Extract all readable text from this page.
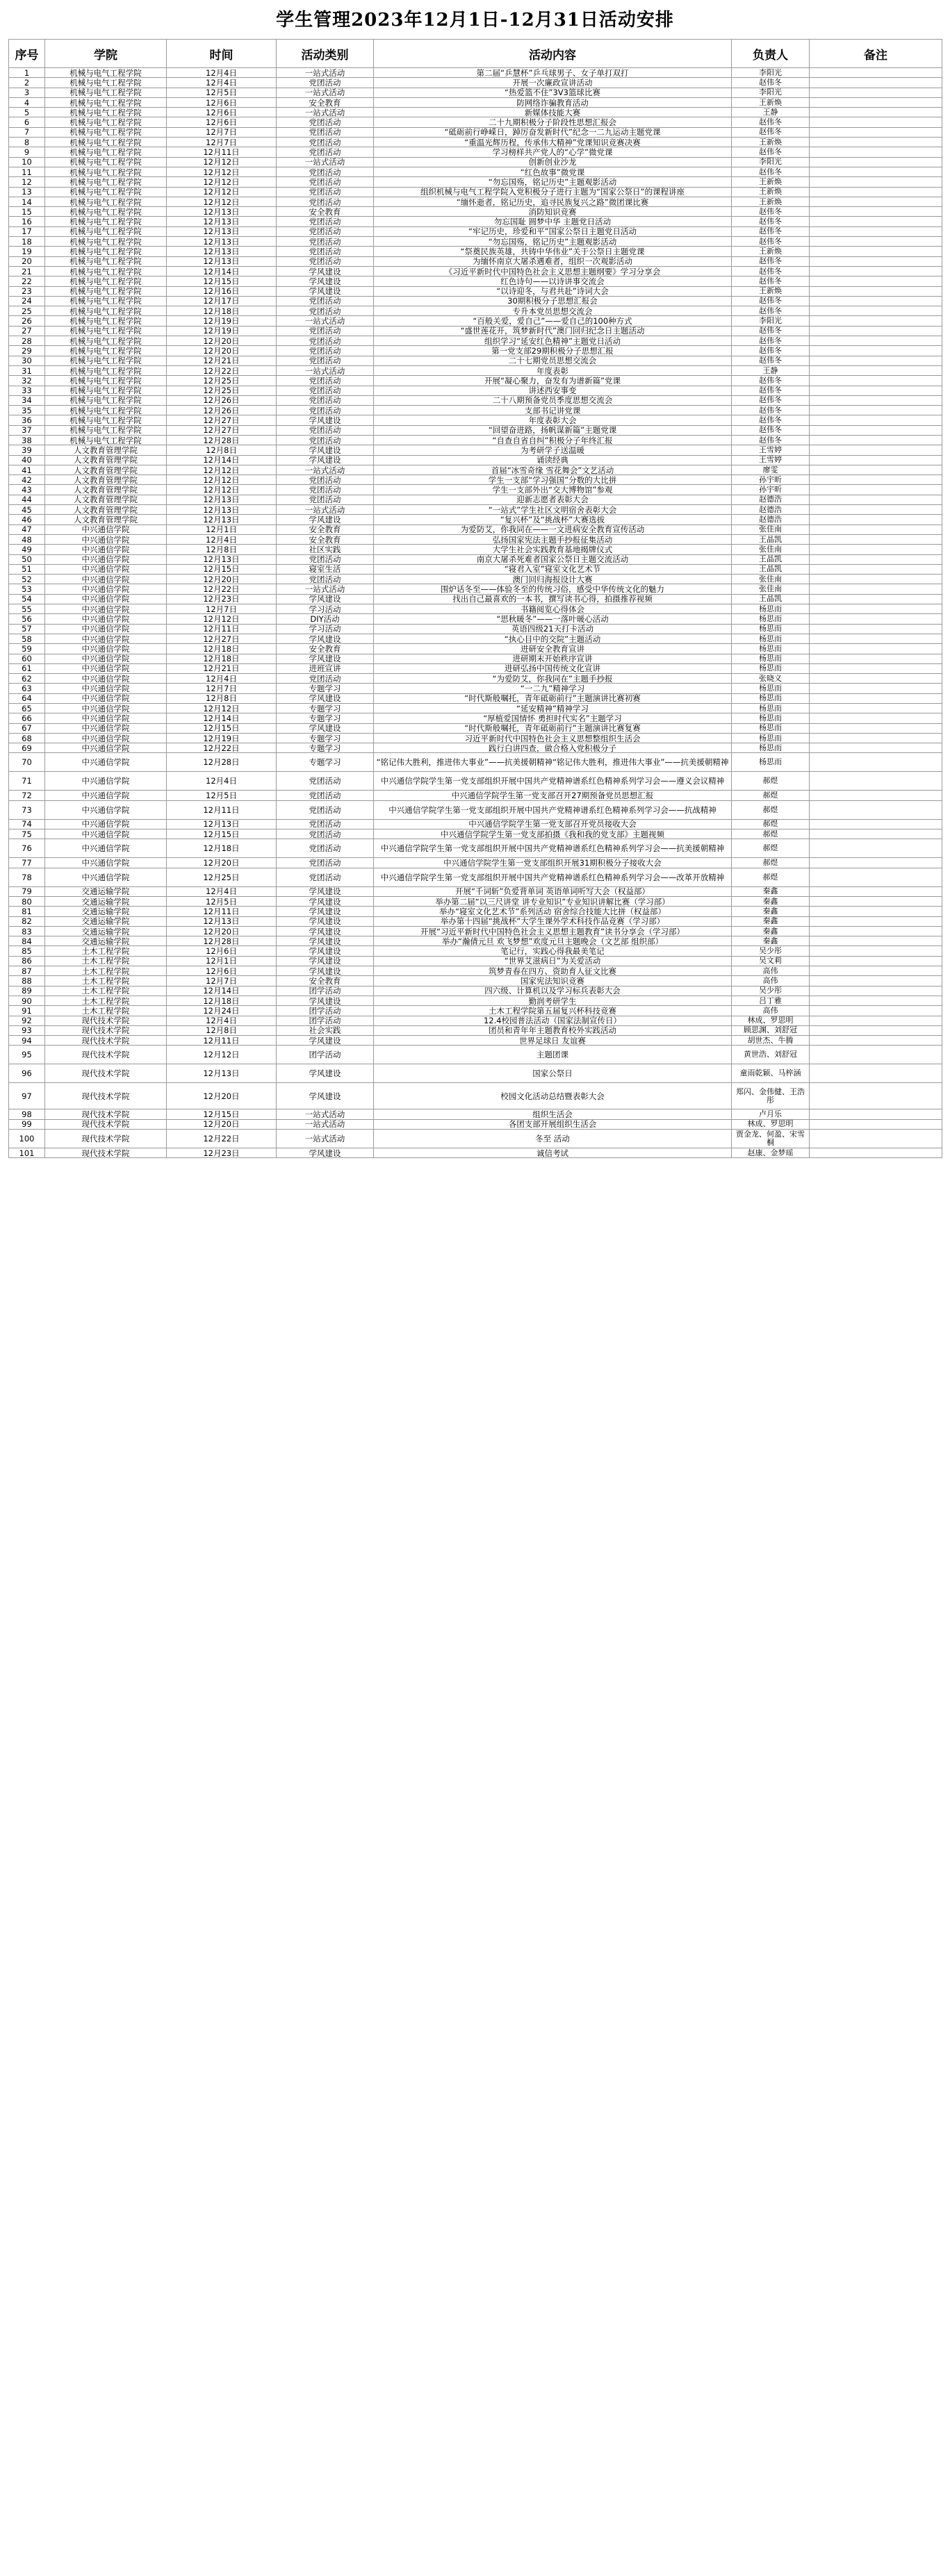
学生管理2023年12月1日-12月31日活动安排
序号	学院	时间	活动类别	活动内容	负责人	备注
1	机械与电气工程学院	12月4日	一站式活动	第二届“乒慧杯”乒乓球男子、女子单打双打	李阳光	
2	机械与电气工程学院	12月4日	党团活动	开展一次廉政宣讲活动	赵伟冬	
3	机械与电气工程学院	12月5日	一站式活动	“热爱篮不住”3V3篮球比赛	李阳光	
4	机械与电气工程学院	12月6日	安全教育	防网络诈骗教育活动	王新焕	
5	机械与电气工程学院	12月6日	一站式活动	新媒体技能大赛	王静	
6	机械与电气工程学院	12月6日	党团活动	二十九期积极分子阶段性思想汇报会	赵伟冬	
7	机械与电气工程学院	12月7日	党团活动	“砥砺前行峥嵘日，踔厉奋发新时代”纪念一二九运动主题党课	赵伟冬	
8	机械与电气工程学院	12月7日	党团活动	“重温光辉历程，传承伟大精神”党课知识竞赛决赛	王新焕	
9	机械与电气工程学院	12月11日	党团活动	学习榜样共产党人的“心学”微党课	赵伟冬	
10	机械与电气工程学院	12月12日	一站式活动	创新创业沙龙	李阳光	
11	机械与电气工程学院	12月12日	党团活动	“红色故事”微党课	赵伟冬	
12	机械与电气工程学院	12月12日	党团活动	“勿忘国殇，铭记历史”主题观影活动	王新焕	
13	机械与电气工程学院	12月12日	党团活动	组织机械与电气工程学院入党积极分子进行主题为“国家公祭日”的课程讲座	王新焕	
14	机械与电气工程学院	12月12日	党团活动	“缅怀逝者，铭记历史，追寻民族复兴之路”微团课比赛	王新焕	
15	机械与电气工程学院	12月13日	安全教育	消防知识竞赛	赵伟冬	
16	机械与电气工程学院	12月13日	党团活动	勿忘国耻 圆梦中华 主题党日活动	赵伟冬	
17	机械与电气工程学院	12月13日	党团活动	“牢记历史，珍爱和平”国家公祭日主题党日活动	赵伟冬	
18	机械与电气工程学院	12月13日	党团活动	“勿忘国殇，铭记历史”主题观影活动	赵伟冬	
19	机械与电气工程学院	12月13日	党团活动	“祭奠民族英雄，共铸中华伟业”关于公祭日主题党课	王新焕	
20	机械与电气工程学院	12月13日	党团活动	为缅怀南京大屠杀遇难者，组织一次观影活动	赵伟冬	
21	机械与电气工程学院	12月14日	学风建设	《习近平新时代中国特色社会主义思想主题纲要》学习分享会	赵伟冬	
22	机械与电气工程学院	12月15日	学风建设	红色诗句——以诗讲事交流会	赵伟冬	
23	机械与电气工程学院	12月16日	学风建设	“以诗迎冬，与君共赴”诗词大会	王新焕	
24	机械与电气工程学院	12月17日	党团活动	30期积极分子思想汇报会	赵伟冬	
25	机械与电气工程学院	12月18日	党团活动	专升本党员思想交流会	赵伟冬	
26	机械与电气工程学院	12月19日	一站式活动	“百般关爱，爱自己”——爱自己的100种方式	李阳光	
27	机械与电气工程学院	12月19日	党团活动	“盛世莲花开，筑梦新时代”澳门回归纪念日主题活动	赵伟冬	
28	机械与电气工程学院	12月20日	党团活动	组织学习“延安红色精神”主题党日活动	赵伟冬	
29	机械与电气工程学院	12月20日	党团活动	第一党支部29期积极分子思想汇报	赵伟冬	
30	机械与电气工程学院	12月21日	党团活动	二十七期党员思想交流会	赵伟冬	
31	机械与电气工程学院	12月22日	一站式活动	年度表彰	王静	
32	机械与电气工程学院	12月25日	党团活动	开展“凝心聚力，奋发有为谱新篇”党课	赵伟冬	
33	机械与电气工程学院	12月25日	党团活动	讲述西安事变	赵伟冬	
34	机械与电气工程学院	12月26日	党团活动	二十八期预备党员季度思想交流会	赵伟冬	
35	机械与电气工程学院	12月26日	党团活动	支部书记讲党课	赵伟冬	
36	机械与电气工程学院	12月27日	学风建设	年度表彰大会	赵伟冬	
37	机械与电气工程学院	12月27日	党团活动	“回望奋进路，扬帆谋新篇”主题党课	赵伟冬	
38	机械与电气工程学院	12月28日	党团活动	“自查自省自纠”积极分子年终汇报	赵伟冬	
39	人文教育管理学院	12月8日	学风建设	为考研学子送温暖	王雪婷	
40	人文教育管理学院	12月14日	学风建设	诵读经典	王雪婷	
41	人文教育管理学院	12月12日	一站式活动	首届“冰雪奇缘 雪花舞会”文艺活动	廖雯	
42	人文教育管理学院	12月12日	党团活动	学生一支部“学习强国”分数的大比拼	孙宇昕	
43	人文教育管理学院	12月12日	党团活动	学生一支部外出“交大博物馆”参观	孙宇昕	
44	人文教育管理学院	12月13日	党团活动	迎新志愿者表彰大会	赵德浩	
45	人文教育管理学院	12月13日	一站式活动	“一站式”学生社区文明宿舍表彰大会	赵德浩	
46	人文教育管理学院	12月13日	学风建设	“复兴杯”及“挑战杯”大赛选拔	赵德浩	
47	中兴通信学院	12月1日	安全教育	为爱防艾，你我同在——一文进病安全教育宣传活动	张佳南	
48	中兴通信学院	12月4日	安全教育	弘扬国家宪法主题手抄报征集活动	王晶凯	
49	中兴通信学院	12月8日	社区实践	大学生社会实践教育基地揭牌仪式	张佳南	
50	中兴通信学院	12月13日	党团活动	南京大屠杀死难者国家公祭日主题交流活动	王晶凯	
51	中兴通信学院	12月15日	寝室生活	“寝君入室”寝室文化艺术节	王晶凯	
52	中兴通信学院	12月20日	党团活动	澳门回归海报设计大赛	张佳南	
53	中兴通信学院	12月22日	一站式活动	围炉话冬至——体验冬至的传统习俗，感受中华传统文化的魅力	张佳南	
54	中兴通信学院	12月23日	学风建设	找出自己最喜欢的一本书，撰写读书心得，拍摄推荐视频	王晶凯	
55	中兴通信学院	12月7日	学习活动	书籍阅览心得体会	杨思而	
56	中兴通信学院	12月12日	DIY活动	“思秋暖冬”——一落叶暖心活动	杨思而	
57	中兴通信学院	12月11日	学习活动	英语四级21天打卡活动	杨思而	
58	中兴通信学院	12月27日	学风建设	“执心目中的交院”主题活动	杨思而	
59	中兴通信学院	12月18日	安全教育	进研安全教育宣讲	杨思而	
60	中兴通信学院	12月18日	学风建设	进研期末开始秩序宣讲	杨思而	
61	中兴通信学院	12月21日	进班宣讲	进研弘扬中国传统文化宣讲	杨思而	
62	中兴通信学院	12月4日	党团活动	“为爱防艾，你我同在”主题手抄报	张晓义	
63	中兴通信学院	12月7日	专题学习	“一二九”精神学习	杨思而	
64	中兴通信学院	12月8日	学风建设	“时代斯般嘱托，青年砥砺前行”主题演讲比赛初赛	杨思而	
65	中兴通信学院	12月12日	专题学习	“延安精神”精神学习	杨思而	
66	中兴通信学院	12月14日	专题学习	“厚植爱国情怀 勇担时代实名”主题学习	杨思而	
67	中兴通信学院	12月15日	学风建设	“时代斯般嘱托，青年砥砺前行”主题演讲比赛复赛	杨思而	
68	中兴通信学院	12月19日	专题学习	习近平新时代中国特色社会主义思想整组织生活会	杨思而	
69	中兴通信学院	12月22日	专题学习	践行白讲四查，做合格入党积极分子	杨思而	
70	中兴通信学院	12月28日	专题学习	“铭记伟大胜利，推进伟大事业”——抗美援朝精神“铭记伟大胜利，推进伟大事业”——抗美援朝精神	杨思而	
71	中兴通信学院	12月4日	党团活动	中兴通信学院学生第一党支部组织开展中国共产党精神谱系红色精神系列学习会——遵义会议精神	郝煜	
72	中兴通信学院	12月5日	党团活动	中兴通信学院学生第一党支部召开27期预备党员思想汇报	郝煜	
73	中兴通信学院	12月11日	党团活动	中兴通信学院学生第一党支部组织开展中国共产党精神谱系红色精神系列学习会——抗战精神	郝煜	
74	中兴通信学院	12月13日	党团活动	中兴通信学院学生第一党支部召开党员接收大会	郝煜	
75	中兴通信学院	12月15日	党团活动	中兴通信学院学生第一党支部拍摄《我和我的党支部》主题视频	郝煜	
76	中兴通信学院	12月18日	党团活动	中兴通信学院学生第一党支部组织开展中国共产党精神谱系红色精神系列学习会——抗美援朝精神	郝煜	
77	中兴通信学院	12月20日	党团活动	中兴通信学院学生第一党支部组织开展31期积极分子接收大会	郝煜	
78	中兴通信学院	12月25日	党团活动	中兴通信学院学生第一党支部组织开展中国共产党精神谱系红色精神系列学习会——改革开放精神	郝煜	
79	交通运输学院	12月4日	学风建设	开展“千词斩”负爱背单词 英语单词听写大会（权益部）	秦鑫	
80	交通运输学院	12月5日	学风建设	举办第二届“以三尺讲堂 讲专业知识”专业知识讲解比赛（学习部）	秦鑫	
81	交通运输学院	12月11日	学风建设	举办“寝室文化艺术节”系列活动 宿舍综合技能大比拼（权益部）	秦鑫	
82	交通运输学院	12月13日	学风建设	举办第十四届“挑战杯”大学生课外学术科技作品竞赛（学习部）	秦鑫	
83	交通运输学院	12月20日	学风建设	开展“习近平新时代中国特色社会主义思想主题教育”读书分享会（学习部）	秦鑫	
84	交通运输学院	12月28日	学风建设	举办“瀚倩元旦 欢飞梦想”欢度元旦主题晚会（文艺部 组织部）	秦鑫	
85	土木工程学院	12月6日	学风建设	笔记行，实践心得我最美笔记	吴少彤	
86	土木工程学院	12月1日	学风建设	“世界艾滋病日”为关爱活动	吴文莉	
87	土木工程学院	12月6日	学风建设	筑梦青春在四方、资助育人征文比赛	高伟	
88	土木工程学院	12月7日	安全教育	国家宪法知识竞赛	高伟	
89	土木工程学院	12月14日	团学活动	四六级、计算机以及学习标兵表彰大会	吴少彤	
90	土木工程学院	12月18日	学风建设	勤润考研学生	吕丁雅	
91	土木工程学院	12月24日	团学活动	土木工程学院第五届复兴杯科技竞赛	高伟	
92	现代技术学院	12月4日	团学活动	12.4校园普法活动（国家法制宣传日）	林成、罗思明	
93	现代技术学院	12月8日	社会实践	团员和青年年主题教育校外实践活动	顾思渊、刘舒冠	
94	现代技术学院	12月11日	学风建设	世界足球日 友谊赛	胡世杰、牛腾	
95	现代技术学院	12月12日	团学活动	主题团课	黄世浩、刘舒冠	
96	现代技术学院	12月13日	学风建设	国家公祭日	童雨乾颖、马梓涵	
97	现代技术学院	12月20日	学风建设	校园文化活动总结暨表彰大会	郑闪、金伟健、王浩彤	
98	现代技术学院	12月15日	一站式活动	组织生活会	卢月乐	
99	现代技术学院	12月20日	一站式活动	各团支部开展组织生活会	林成、罗思明	
100	现代技术学院	12月22日	一站式活动	冬至 活动	贾金龙、何盈、宋雪桐	
101	现代技术学院	12月23日	学风建设	诚信考试	赵康、金梦瑶	
